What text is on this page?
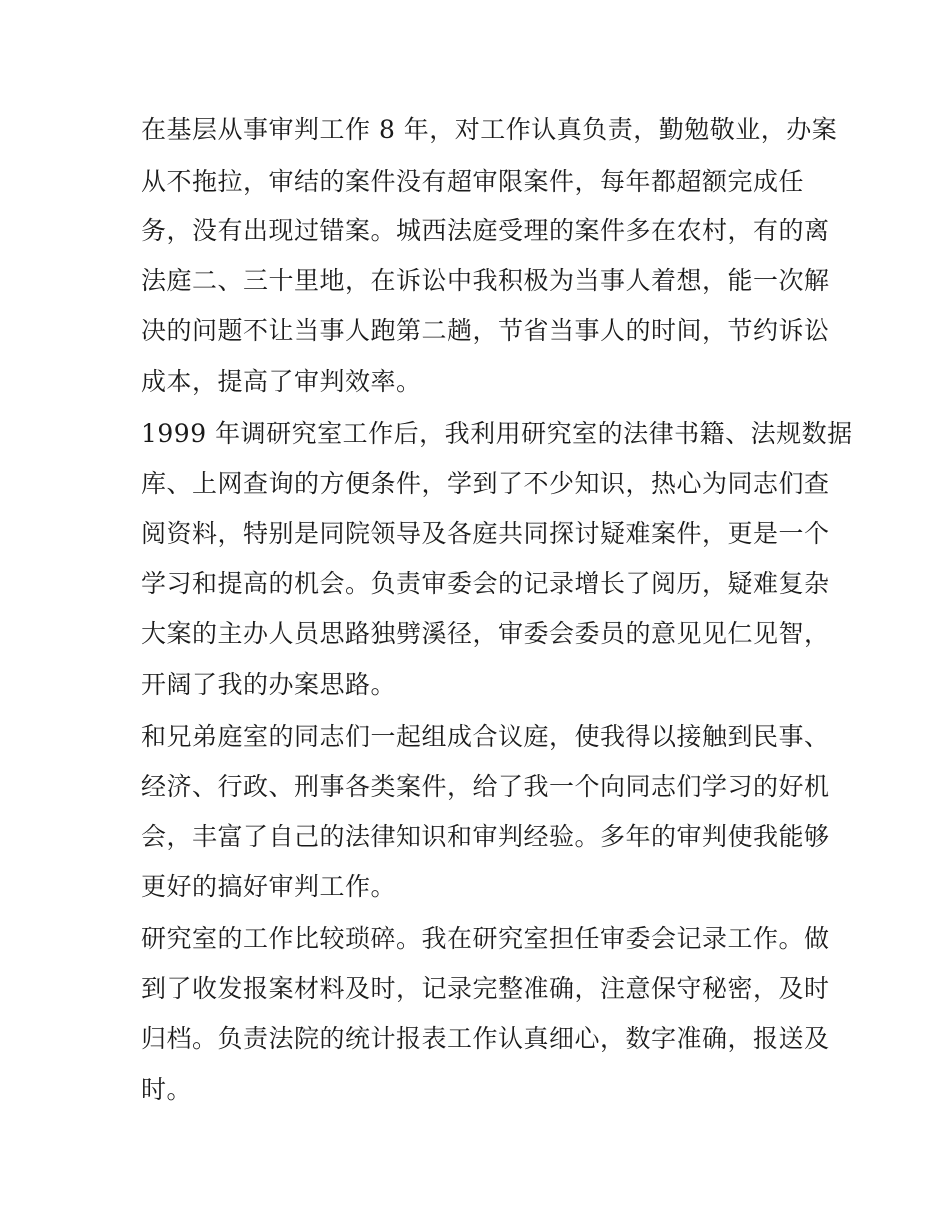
在基层从事审判工作 8 年，对工作认真负责，勤勉敬业，办案
从不拖拉，审结的案件没有超审限案件，每年都超额完成任
务，没有出现过错案。城西法庭受理的案件多在农村，有的离
法庭二、三十里地，在诉讼中我积极为当事人着想，能一次解
决的问题不让当事人跑第二趟，节省当事人的时间，节约诉讼
成本，提高了审判效率。
1999 年调研究室工作后，我利用研究室的法律书籍、法规数据
库、上网查询的方便条件，学到了不少知识，热心为同志们查
阅资料，特别是同院领导及各庭共同探讨疑难案件，更是一个
学习和提高的机会。负责审委会的记录增长了阅历，疑难复杂
大案的主办人员思路独劈溪径，审委会委员的意见见仁见智，
开阔了我的办案思路。
和兄弟庭室的同志们一起组成合议庭，使我得以接触到民事、
经济、行政、刑事各类案件，给了我一个向同志们学习的好机
会，丰富了自己的法律知识和审判经验。多年的审判使我能够
更好的搞好审判工作。
研究室的工作比较琐碎。我在研究室担任审委会记录工作。做
到了收发报案材料及时，记录完整准确，注意保守秘密，及时
归档。负责法院的统计报表工作认真细心，数字准确，报送及
时。
